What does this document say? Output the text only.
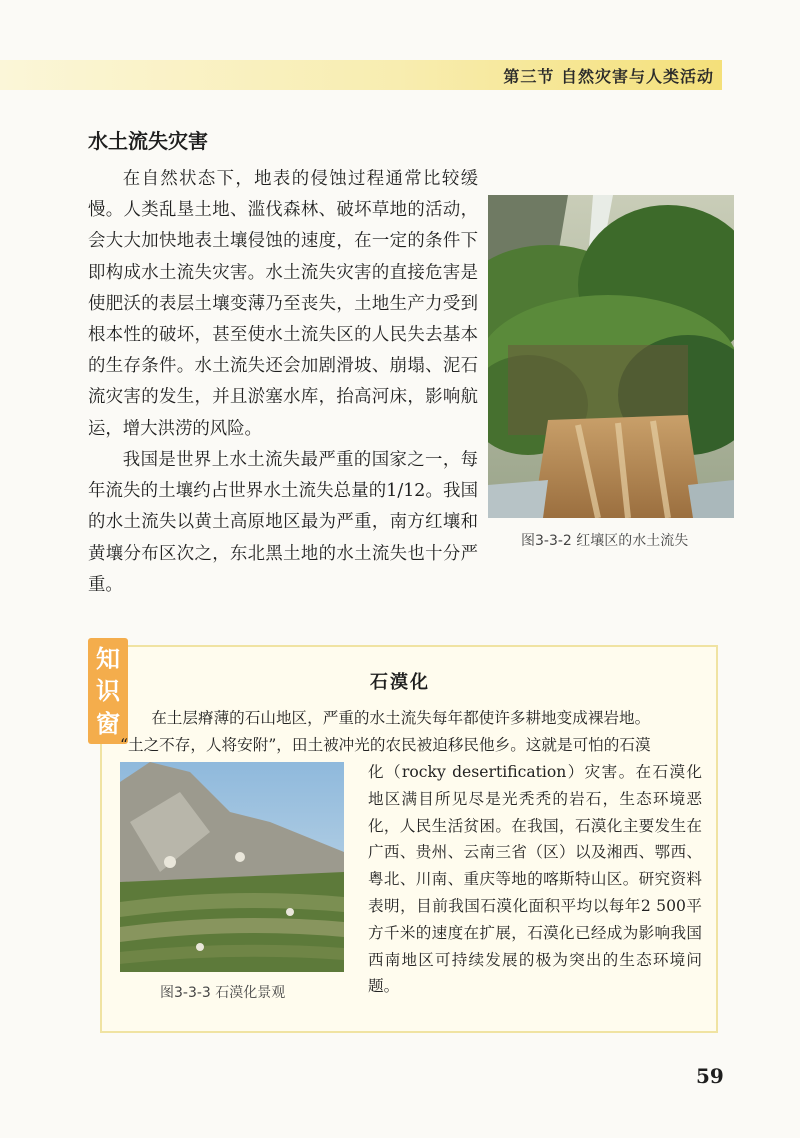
第三节 自然灾害与人类活动
水土流失灾害

在自然状态下，地表的侵蚀过程通常比较缓慢。人类乱垦土地、滥伐森林、破坏草地的活动，会大大加快地表土壤侵蚀的速度，在一定的条件下即构成水土流失灾害。水土流失灾害的直接危害是使肥沃的表层土壤变薄乃至丧失，土地生产力受到根本性的破坏，甚至使水土流失区的人民失去基本的生存条件。水土流失还会加剧滑坡、崩塌、泥石流灾害的发生，并且淤塞水库，抬高河床，影响航运，增大洪涝的风险。

我国是世界上水土流失最严重的国家之一，每年流失的土壤约占世界水土流失总量的1/12。我国的水土流失以黄土高原地区最为严重，南方红壤和黄壤分布区次之，东北黑土地的水土流失也十分严重。

图3-3-2 红壤区的水土流失
知
识
窗
石漠化

在土层瘠薄的石山地区，严重的水土流失每年都使许多耕地变成裸岩地。

“土之不存，人将安附”，田土被冲光的农民被迫移民他乡。这就是可怕的石漠

化（rocky desertification）灾害。在石漠化地区满目所见尽是光秃秃的岩石，生态环境恶化，人民生活贫困。在我国，石漠化主要发生在广西、贵州、云南三省（区）以及湘西、鄂西、粤北、川南、重庆等地的喀斯特山区。研究资料表明，目前我国石漠化面积平均以每年2 500平方千米的速度在扩展，石漠化已经成为影响我国西南地区可持续发展的极为突出的生态环境问题。

图3-3-3 石漠化景观
59
